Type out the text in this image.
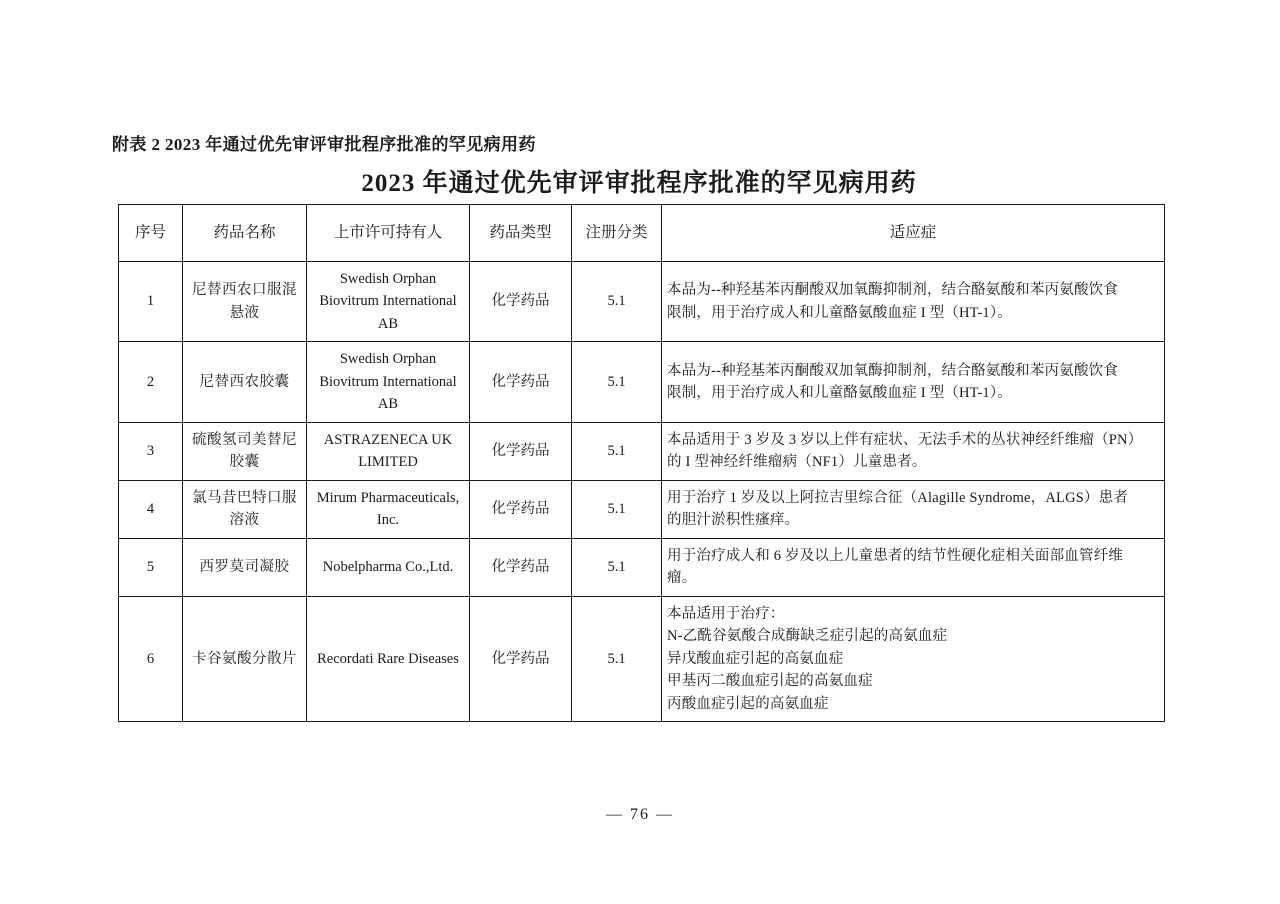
附表 2 2023 年通过优先审评审批程序批准的罕见病用药
2023 年通过优先审评审批程序批准的罕见病用药
序号	药品名称	上市许可持有人	药品类型	注册分类	适应症
1	尼替西农口服混悬液	Swedish Orphan Biovitrum International AB	化学药品	5.1	本品为--种羟基苯丙酮酸双加氧酶抑制剂，结合酪氨酸和苯丙氨酸饮食
限制，用于治疗成人和儿童酪氨酸血症 I 型（HT-1）。

2	尼替西农胶囊	Swedish Orphan Biovitrum International AB	化学药品	5.1	本品为--种羟基苯丙酮酸双加氧酶抑制剂，结合酪氨酸和苯丙氨酸饮食
限制，用于治疗成人和儿童酪氨酸血症 I 型（HT-1）。

3	硫酸氢司美替尼胶囊	ASTRAZENECA UK LIMITED	化学药品	5.1	本品适用于 3 岁及 3 岁以上伴有症状、无法手术的丛状神经纤维瘤（PN）
的 I 型神经纤维瘤病（NF1）儿童患者。

4	氯马昔巴特口服溶液	Mirum Pharmaceuticals, Inc.	化学药品	5.1	用于治疗 1 岁及以上阿拉吉里综合征（Alagille Syndrome，ALGS）患者
的胆汁淤积性瘙痒。

5	西罗莫司凝胶	Nobelpharma Co.,Ltd.	化学药品	5.1	用于治疗成人和 6 岁及以上儿童患者的结节性硬化症相关面部血管纤维
瘤。

6	卡谷氨酸分散片	Recordati Rare Diseases	化学药品	5.1	本品适用于治疗：
N-乙酰谷氨酸合成酶缺乏症引起的高氨血症
异戊酸血症引起的高氨血症
甲基丙二酸血症引起的高氨血症
丙酸血症引起的高氨血症
— 76 —
